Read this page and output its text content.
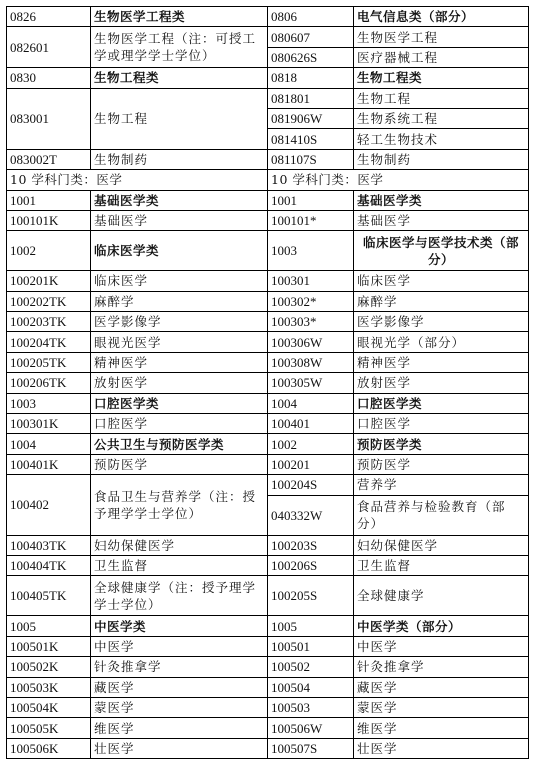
0826	生物医学工程类	0806	电气信息类（部分）
082601	生物医学工程（注：可授工学或理学学士学位）	080607	生物医学工程
		080626S	医疗器械工程
0830	生物工程类	0818	生物工程类
083001	生物工程	081801	生物工程
		081906W	生物系统工程
		081410S	轻工生物技术
083002T	生物制药	081107S	生物制药
10 学科门类：医学		10 学科门类：医学	
1001	基础医学类	1001	基础医学类
100101K	基础医学	100101*	基础医学
1002	临床医学类	1003	临床医学与医学技术类（部分）
100201K	临床医学	100301	临床医学
100202TK	麻醉学	100302*	麻醉学
100203TK	医学影像学	100303*	医学影像学
100204TK	眼视光医学	100306W	眼视光学（部分）
100205TK	精神医学	100308W	精神医学
100206TK	放射医学	100305W	放射医学
1003	口腔医学类	1004	口腔医学类
100301K	口腔医学	100401	口腔医学
1004	公共卫生与预防医学类	1002	预防医学类
100401K	预防医学	100201	预防医学
100402	食品卫生与营养学（注：授予理学学士学位）	100204S	营养学
		040332W	食品营养与检验教育（部分）
100403TK	妇幼保健医学	100203S	妇幼保健医学
100404TK	卫生监督	100206S	卫生监督
100405TK	全球健康学（注：授予理学学士学位）	100205S	全球健康学
1005	中医学类	1005	中医学类（部分）
100501K	中医学	100501	中医学
100502K	针灸推拿学	100502	针灸推拿学
100503K	藏医学	100504	藏医学
100504K	蒙医学	100503	蒙医学
100505K	维医学	100506W	维医学
100506K	壮医学	100507S	壮医学
